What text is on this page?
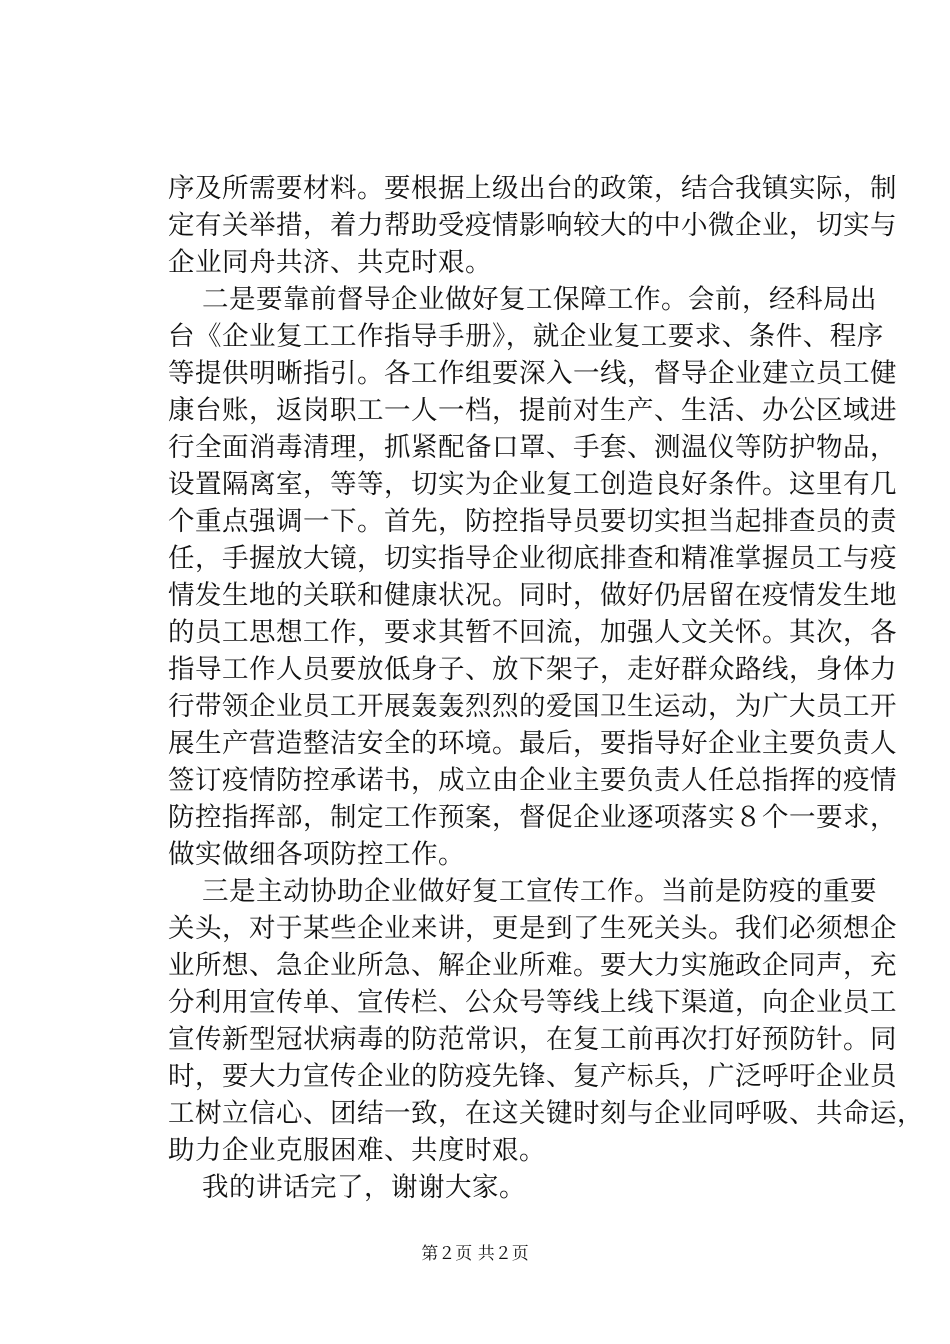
序及所需要材料。要根据上级出台的政策，结合我镇实际，制
定有关举措，着力帮助受疫情影响较大的中小微企业，切实与
企业同舟共济、共克时艰。
二是要靠前督导企业做好复工保障工作。会前，经科局出
台《企业复工工作指导手册》，就企业复工要求、条件、程序
等提供明晰指引。各工作组要深入一线，督导企业建立员工健
康台账，返岗职工一人一档，提前对生产、生活、办公区域进
行全面消毒清理，抓紧配备口罩、手套、测温仪等防护物品，
设置隔离室，等等，切实为企业复工创造良好条件。这里有几
个重点强调一下。首先，防控指导员要切实担当起排查员的责
任，手握放大镜，切实指导企业彻底排查和精准掌握员工与疫
情发生地的关联和健康状况。同时，做好仍居留在疫情发生地
的员工思想工作，要求其暂不回流，加强人文关怀。其次，各
指导工作人员要放低身子、放下架子，走好群众路线，身体力
行带领企业员工开展轰轰烈烈的爱国卫生运动，为广大员工开
展生产营造整洁安全的环境。最后，要指导好企业主要负责人
签订疫情防控承诺书，成立由企业主要负责人任总指挥的疫情
防控指挥部，制定工作预案，督促企业逐项落实８个一要求，
做实做细各项防控工作。
三是主动协助企业做好复工宣传工作。当前是防疫的重要
关头，对于某些企业来讲，更是到了生死关头。我们必须想企
业所想、急企业所急、解企业所难。要大力实施政企同声，充
分利用宣传单、宣传栏、公众号等线上线下渠道，向企业员工
宣传新型冠状病毒的防范常识，在复工前再次打好预防针。同
时，要大力宣传企业的防疫先锋、复产标兵，广泛呼吁企业员
工树立信心、团结一致，在这关键时刻与企业同呼吸、共命运，
助力企业克服困难、共度时艰。
我的讲话完了，谢谢大家。
第２页 共２页
